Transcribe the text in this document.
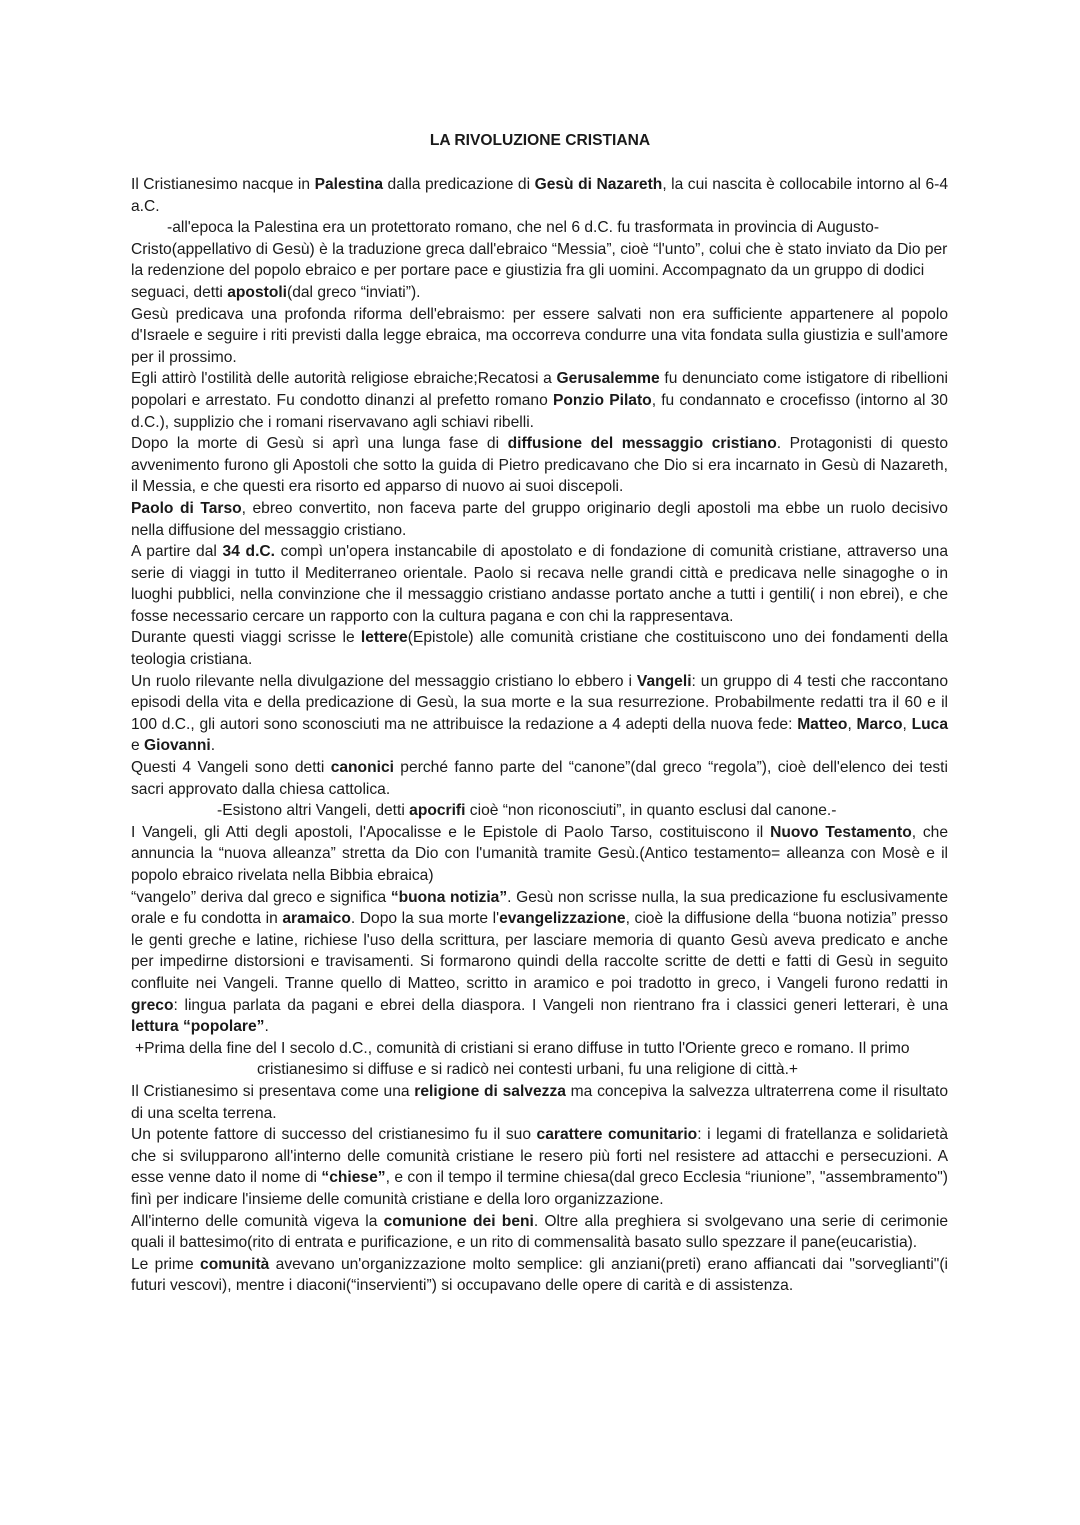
LA RIVOLUZIONE CRISTIANA

Il Cristianesimo nacque in Palestina dalla predicazione di Gesù di Nazareth, la cui nascita è collocabile intorno al 6-4 a.C.

-all'epoca la Palestina era un protettorato romano, che nel 6 d.C. fu trasformata in provincia di Augusto-

Cristo(appellativo di Gesù) è la traduzione greca dall'ebraico “Messia”, cioè “l'unto”, colui che è stato inviato da Dio per la redenzione del popolo ebraico e per portare pace e giustizia fra gli uomini. Accompagnato da un gruppo di dodici seguaci, detti apostoli(dal greco “inviati”).

Gesù predicava una profonda riforma dell'ebraismo: per essere salvati non era sufficiente appartenere al popolo d'Israele e seguire i riti previsti dalla legge ebraica, ma occorreva condurre una vita fondata sulla giustizia e sull'amore per il prossimo.

Egli attirò l'ostilità delle autorità religiose ebraiche;Recatosi a Gerusalemme fu denunciato come istigatore di ribellioni popolari e arrestato. Fu condotto dinanzi al prefetto romano Ponzio Pilato, fu condannato e crocefisso (intorno al 30 d.C.), supplizio che i romani riservavano agli schiavi ribelli.

Dopo la morte di Gesù si aprì una lunga fase di diffusione del messaggio cristiano. Protagonisti di questo avvenimento furono gli Apostoli che sotto la guida di Pietro predicavano che Dio si era incarnato in Gesù di Nazareth, il Messia, e che questi era risorto ed apparso di nuovo ai suoi discepoli.

Paolo di Tarso, ebreo convertito, non faceva parte del gruppo originario degli apostoli ma ebbe un ruolo decisivo nella diffusione del messaggio cristiano.

A partire dal 34 d.C. compì un'opera instancabile di apostolato e di fondazione di comunità cristiane, attraverso una serie di viaggi in tutto il Mediterraneo orientale. Paolo si recava nelle grandi città e predicava nelle sinagoghe o in luoghi pubblici, nella convinzione che il messaggio cristiano andasse portato anche a tutti i gentili( i non ebrei), e che fosse necessario cercare un rapporto con la cultura pagana e con chi la rappresentava.

Durante questi viaggi scrisse le lettere(Epistole) alle comunità cristiane che costituiscono uno dei fondamenti della teologia cristiana.

Un ruolo rilevante nella divulgazione del messaggio cristiano lo ebbero i Vangeli: un gruppo di 4 testi che raccontano episodi della vita e della predicazione di Gesù, la sua morte e la sua resurrezione. Probabilmente redatti tra il 60 e il 100 d.C., gli autori sono sconosciuti ma ne attribuisce la redazione a 4 adepti della nuova fede: Matteo, Marco, Luca e Giovanni.

Questi 4 Vangeli sono detti canonici perché fanno parte del “canone”(dal greco “regola”), cioè dell'elenco dei testi sacri approvato dalla chiesa cattolica.

-Esistono altri Vangeli, detti apocrifi cioè “non riconosciuti”, in quanto esclusi dal canone.-

I Vangeli, gli Atti degli apostoli, l'Apocalisse e le Epistole di Paolo Tarso, costituiscono il Nuovo Testamento, che annuncia la “nuova alleanza” stretta da Dio con l'umanità tramite Gesù.(Antico testamento= alleanza con Mosè e il popolo ebraico rivelata nella Bibbia ebraica)

“vangelo” deriva dal greco e significa “buona notizia”. Gesù non scrisse nulla, la sua predicazione fu esclusivamente orale e fu condotta in aramaico. Dopo la sua morte l'evangelizzazione, cioè la diffusione della “buona notizia” presso le genti greche e latine, richiese l'uso della scrittura, per lasciare memoria di quanto Gesù aveva predicato e anche per impedirne distorsioni e travisamenti. Si formarono quindi della raccolte scritte de detti e fatti di Gesù in seguito confluite nei Vangeli. Tranne quello di Matteo, scritto in aramico e poi tradotto in greco, i Vangeli furono redatti in greco: lingua parlata da pagani e ebrei della diaspora. I Vangeli non rientrano fra i classici generi letterari, è una lettura “popolare”.

+Prima della fine del I secolo d.C., comunità di cristiani si erano diffuse in tutto l'Oriente greco e romano. Il primo

cristianesimo si diffuse e si radicò nei contesti urbani, fu una religione di città.+

Il Cristianesimo si presentava come una religione di salvezza ma concepiva la salvezza ultraterrena come il risultato di una scelta terrena.

Un potente fattore di successo del cristianesimo fu il suo carattere comunitario: i legami di fratellanza e solidarietà che si svilupparono all'interno delle comunità cristiane le resero più forti nel resistere ad attacchi e persecuzioni. A esse venne dato il nome di “chiese”, e con il tempo il termine chiesa(dal greco Ecclesia “riunione”, "assembramento") finì per indicare l'insieme delle comunità cristiane e della loro organizzazione.

All'interno delle comunità vigeva la comunione dei beni. Oltre alla preghiera si svolgevano una serie di cerimonie quali il battesimo(rito di entrata e purificazione, e un rito di commensalità basato sullo spezzare il pane(eucaristia).

Le prime comunità avevano un'organizzazione molto semplice: gli anziani(preti) erano affiancati dai "sorveglianti"(i futuri vescovi), mentre i diaconi(“inservienti”) si occupavano delle opere di carità e di assistenza.
